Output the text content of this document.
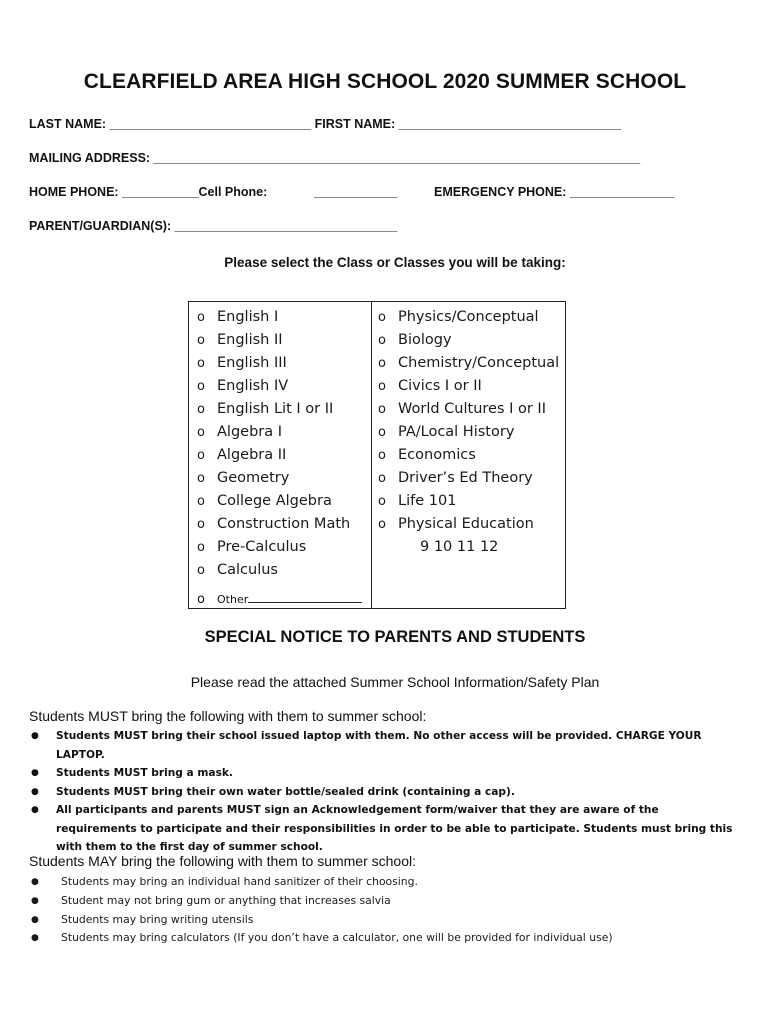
CLEARFIELD AREA HIGH SCHOOL 2020 SUMMER SCHOOL
LAST NAME: _____________________________ FIRST NAME: ________________________________
MAILING ADDRESS: ______________________________________________________________________
HOME PHONE: ___________Cell Phone:	____________	EMERGENCY PHONE: _______________
PARENT/GUARDIAN(S): ________________________________
Please select the Class or Classes you will be taking:
o English I
o English II
o English III
o English IV
o English Lit I or II
o Algebra I
o Algebra II
o Geometry
o College Algebra
o Construction Math
o Pre-Calculus
o Calculus
o Physics/Conceptual
o Biology
o Chemistry/Conceptual
o Civics I or II
o World Cultures I or II
o PA/Local History
o Economics
o Driver’s Ed Theory
o Life 101
o Physical Education
9 10 11 12
o Other
SPECIAL NOTICE TO PARENTS AND STUDENTS
Please read the attached Summer School Information/Safety Plan
Students MUST bring the following with them to summer school:
● Students MUST bring their school issued laptop with them. No other access will be provided. CHARGE YOUR LAPTOP.
● Students MUST bring a mask.
● Students MUST bring their own water bottle/sealed drink (containing a cap).
● All participants and parents MUST sign an Acknowledgement form/waiver that they are aware of the requirements to participate and their responsibilities in order to be able to participate. Students must bring this with them to the first day of summer school.
Students MAY bring the following with them to summer school:
● Students may bring an individual hand sanitizer of their choosing.
● Student may not bring gum or anything that increases salvia
● Students may bring writing utensils
● Students may bring calculators (If you don’t have a calculator, one will be provided for individual use)
